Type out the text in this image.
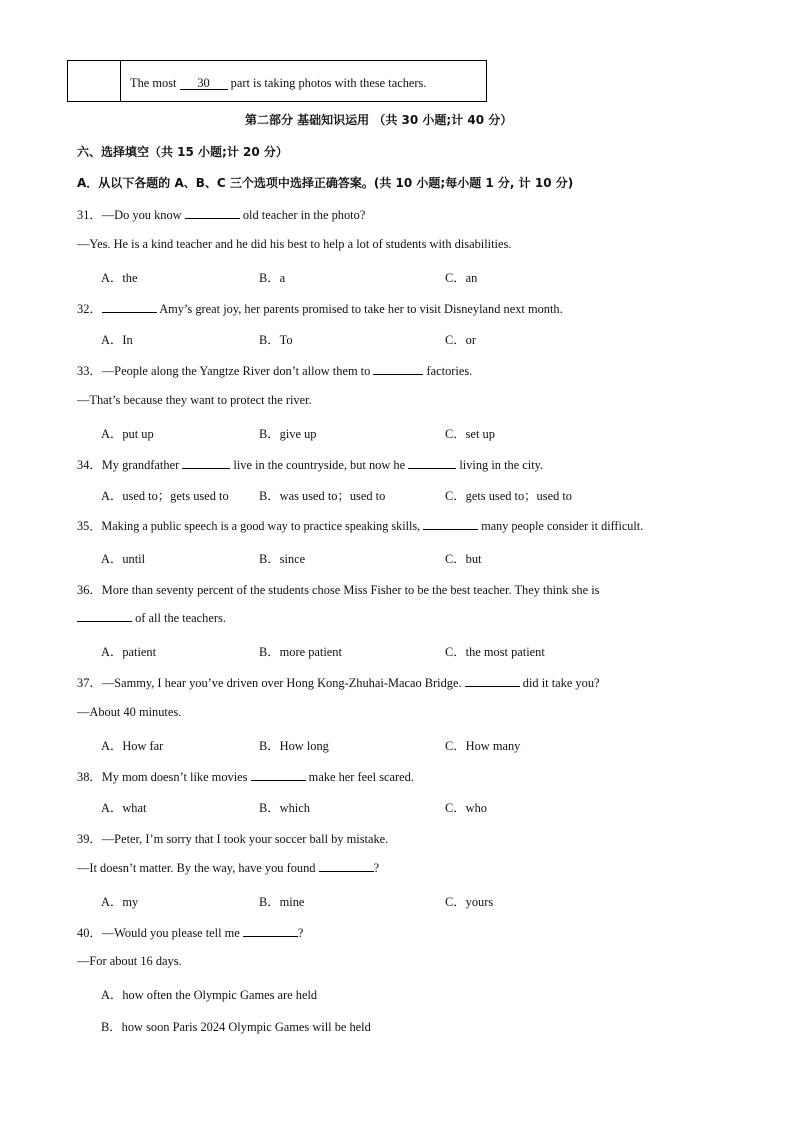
The most 30 part is taking photos with these tachers.
第二部分 基础知识运用 （共 30 小题;计 40 分）
六、选择填空（共 15 小题;计 20 分）
A．从以下各题的 A、B、C 三个选项中选择正确答案。(共 10 小题;每小题 1 分, 计 10 分)
31．—Do you know	old teacher in the photo?
—Yes. He is a kind teacher and he did his best to help a lot of students with disabilities.
A．the	B．a	C．an
32．	Amy’s great joy, her parents promised to take her to visit Disneyland next month.
A．In	B．To	C．or
33．—People along the Yangtze River don’t allow them to	factories.
—That’s because they want to protect the river.
A．put up	B．give up	C．set up
34．My grandfather	live in the countryside, but now he	living in the city.
A．used to；gets used to B．was used to；used to	C．gets used to；used to
35．Making a public speech is a good way to practice speaking skills,	many people consider it difficult.
A．until	B．since	C．but
36．More than seventy percent of the students chose Miss Fisher to be the best teacher. They think she is
of all the teachers.
A．patient	B．more patient	C．the most patient
37．—Sammy, I hear you’ve driven over Hong Kong-Zhuhai-Macao Bridge.	did it take you?
—About 40 minutes.
A．How far	B．How long	C．How many
38．My mom doesn’t like movies	make her feel scared.
A．what	B．which	C．who
39．—Peter, I’m sorry that I took your soccer ball by mistake.
—It doesn’t matter. By the way, have you found	?
A．my	B．mine	C．yours
40．—Would you please tell me	?
—For about 16 days.
A．how often the Olympic Games are held
B．how soon Paris 2024 Olympic Games will be held
